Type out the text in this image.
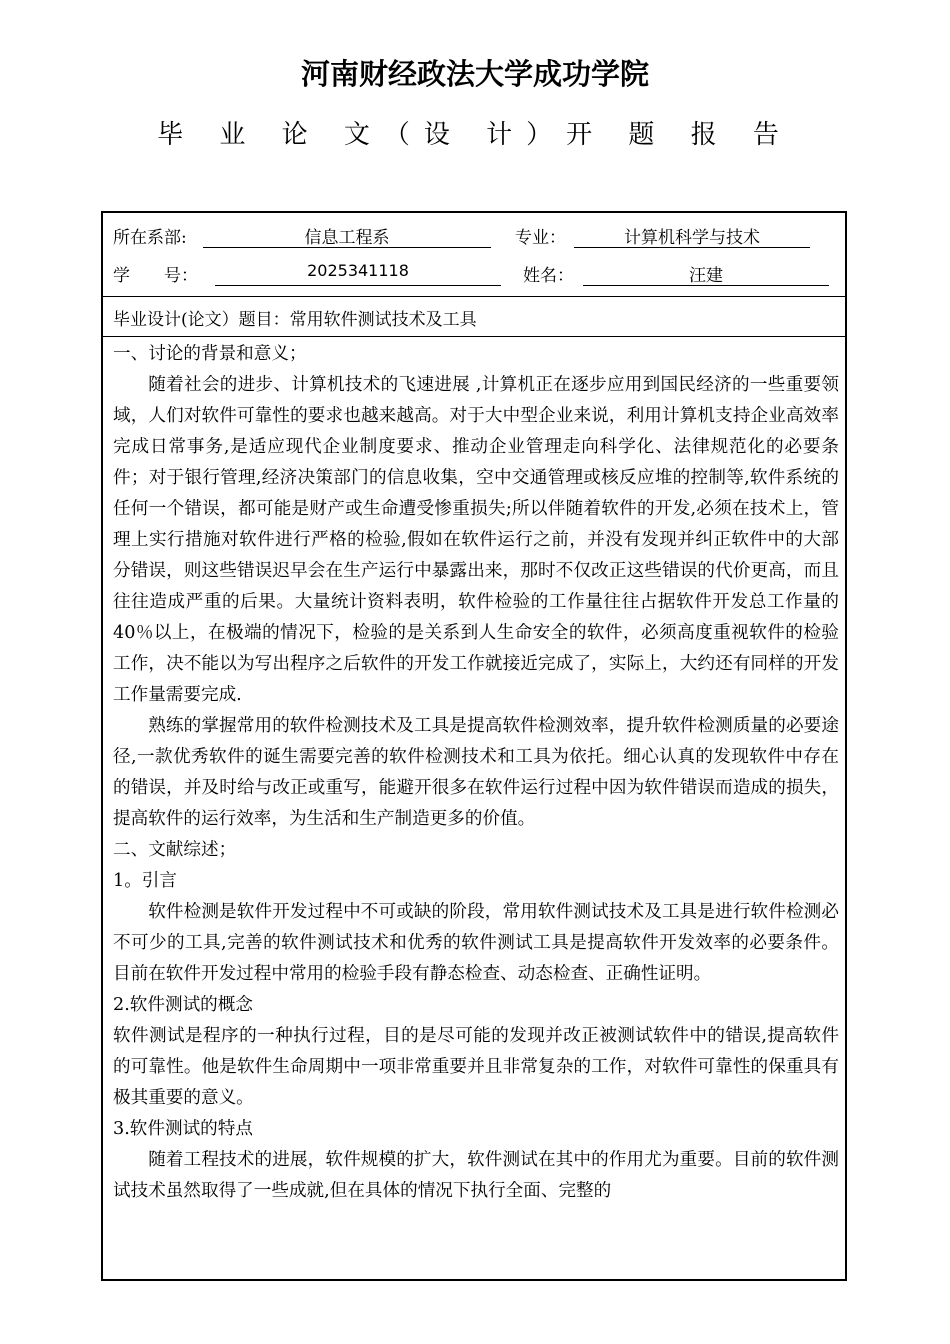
河南财经政法大学成功学院
毕 业 论 文（设 计）开 题 报 告
所在系部:	信息工程系	专业：	计算机科学与技术
学　　号：	2025341118	姓名：	汪建
毕业设计(论文）题目：常用软件测试技术及工具

一、讨论的背景和意义；

随着社会的进步、计算机技术的飞速进展 ,计算机正在逐步应用到国民经济的一些重要领域，人们对软件可靠性的要求也越来越高。对于大中型企业来说，利用计算机支持企业高效率完成日常事务,是适应现代企业制度要求、推动企业管理走向科学化、法律规范化的必要条件；对于银行管理,经济决策部门的信息收集，空中交通管理或核反应堆的控制等,软件系统的任何一个错误，都可能是财产或生命遭受惨重损失;所以伴随着软件的开发,必须在技术上，管理上实行措施对软件进行严格的检验,假如在软件运行之前，并没有发现并纠正软件中的大部分错误，则这些错误迟早会在生产运行中暴露出来，那时不仅改正这些错误的代价更高，而且往往造成严重的后果。大量统计资料表明，软件检验的工作量往往占据软件开发总工作量的40％以上，在极端的情况下，检验的是关系到人生命安全的软件，必须高度重视软件的检验工作，决不能以为写出程序之后软件的开发工作就接近完成了，实际上，大约还有同样的开发工作量需要完成.

熟练的掌握常用的软件检测技术及工具是提高软件检测效率，提升软件检测质量的必要途径,一款优秀软件的诞生需要完善的软件检测技术和工具为依托。细心认真的发现软件中存在的错误，并及时给与改正或重写，能避开很多在软件运行过程中因为软件错误而造成的损失，提高软件的运行效率，为生活和生产制造更多的价值。

二、文献综述；

1。引言

软件检测是软件开发过程中不可或缺的阶段，常用软件测试技术及工具是进行软件检测必不可少的工具,完善的软件测试技术和优秀的软件测试工具是提高软件开发效率的必要条件。目前在软件开发过程中常用的检验手段有静态检查、动态检查、正确性证明。

2.软件测试的概念

软件测试是程序的一种执行过程，目的是尽可能的发现并改正被测试软件中的错误,提高软件的可靠性。他是软件生命周期中一项非常重要并且非常复杂的工作，对软件可靠性的保重具有极其重要的意义。

3.软件测试的特点

随着工程技术的进展，软件规模的扩大，软件测试在其中的作用尤为重要。目前的软件测试技术虽然取得了一些成就,但在具体的情况下执行全面、完整的
